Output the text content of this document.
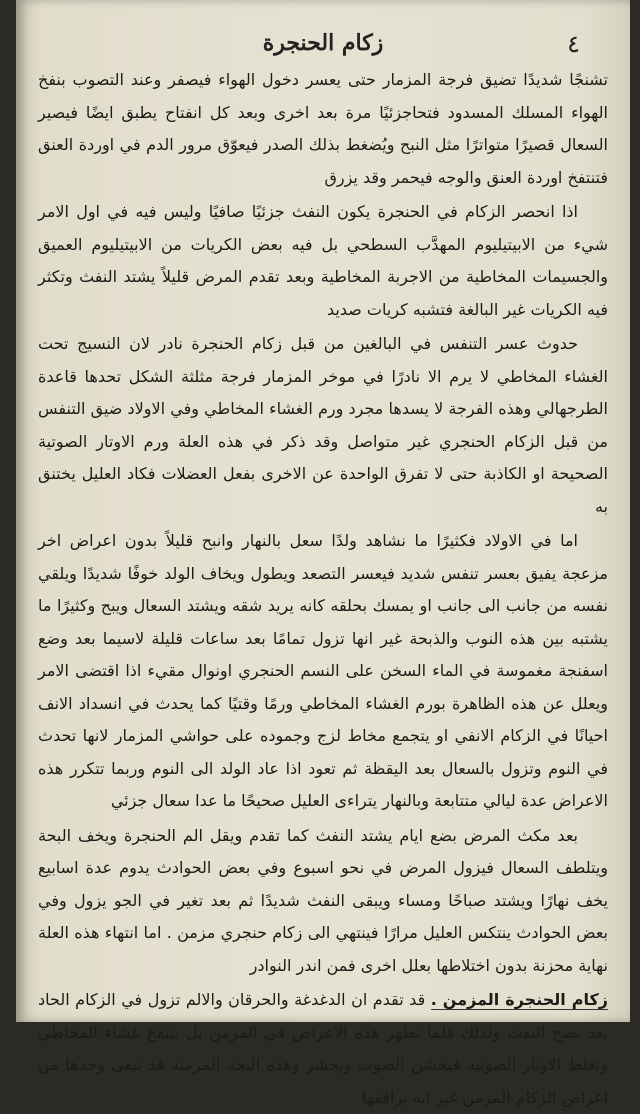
٤
زكام الحنجرة

تشنجًا شديدًا تضيق فرجة المزمار حتى يعسر دخول الهواء فيصفر وعند التصوب بنفخ الهواء المسلك المسدود فتحاجزئيًا مرة بعد اخرى وبعد كل انفتاح يطبق ايضًا فيصير السعال قصيرًا متواترًا مثل النبح ويُضغط بذلك الصدر فيعوّق مرور الدم في اوردة العنق فتنتفخ اوردة العنق والوجه فيحمر وقد يزرق

اذا انحصر الزكام في الحنجرة يكون النفث جزئيًا صافيًا وليس فيه في اول الامر شيء من الابيتيليوم المهدَّب السطحي بل فيه بعض الكريات من الابيتيليوم العميق والجسيمات المخاطية من الاجربة المخاطية وبعد تقدم المرض قليلاً يشتد النفث وتكثر فيه الكريات غير البالغة فتشبه كريات صديد

حدوث عسر التنفس في البالغين من قبل زكام الحنجرة نادر لان النسيج تحت الغشاء المخاطي لا يرم الا نادرًا في موخر المزمار فرجة مثلثة الشكل تحدها قاعدة الطرجهالي وهذه الفرجة لا يسدها مجرد ورم الغشاء المخاطي وفي الاولاد ضيق التنفس من قبل الزكام الحنجري غير متواصل وقد ذكر في هذه العلة ورم الاوتار الصوتية الصحيحة او الكاذبة حتى لا تفرق الواحدة عن الاخرى بفعل العضلات فكاد العليل يختنق به

اما في الاولاد فكثيرًا ما نشاهد ولدًا سعل بالنهار وانبح قليلاً بدون اعراض اخر مزعجة يفيق بعسر تنفس شديد فيعسر التصعد ويطول ويخاف الولد خوفًا شديدًا ويلقي نفسه من جانب الى جانب او يمسك بحلقه كانه يريد شقه ويشتد السعال ويبح وكثيرًا ما يشتبه بين هذه النوب والذبحة غير انها تزول تمامًا بعد ساعات قليلة لاسيما بعد وضع اسفنجة مغموسة في الماء السخن على النسم الحنجري اونوال مقيء اذا اقتضى الامر ويعلل عن هذه الظاهرة بورم الغشاء المخاطي ورمًا وقتيًا كما يحدث في انسداد الانف احيانًا في الزكام الانفي او يتجمع مخاط لزج وجموده على حواشي المزمار لانها تحدث في النوم وتزول بالسعال بعد اليقظة ثم تعود اذا عاد الولد الى النوم وربما تتكرر هذه الاعراض عدة ليالي متتابعة وبالنهار يتراءى العليل صحيحًا ما عدا سعال جزئي

بعد مكث المرض بضع ايام يشتد النفث كما تقدم ويقل الم الحنجرة ويخف البحة ويتلطف السعال فيزول المرض في نحو اسبوع وفي بعض الحوادث يدوم عدة اسابيع يخف نهارًا ويشتد صباحًا ومساء ويبقى النفث شديدًا ثم بعد تغير في الجو يزول وفي بعض الحوادث ينتكس العليل مرارًا فينتهي الى زكام حنجري مزمن . اما انتهاء هذه العلة نهاية محزنة بدون اختلاطها بعلل اخرى فمن اندر النوادر

زكام الحنجرة المزمن . قد تقدم ان الدغدغة والحرقان والالم تزول في الزكام الحاد بعد نضج النفث ولذلك قلما تظهر هذه الاعراض في المزمن بل ينتفخ غشاء المخاطي وتغلظ الاوتار الصوتية فيخشن الصوت ويحشر وهذه البحة المزمنة قد تبقى وحدها من اعراض الزكام المزمن غير انه يرافقها
